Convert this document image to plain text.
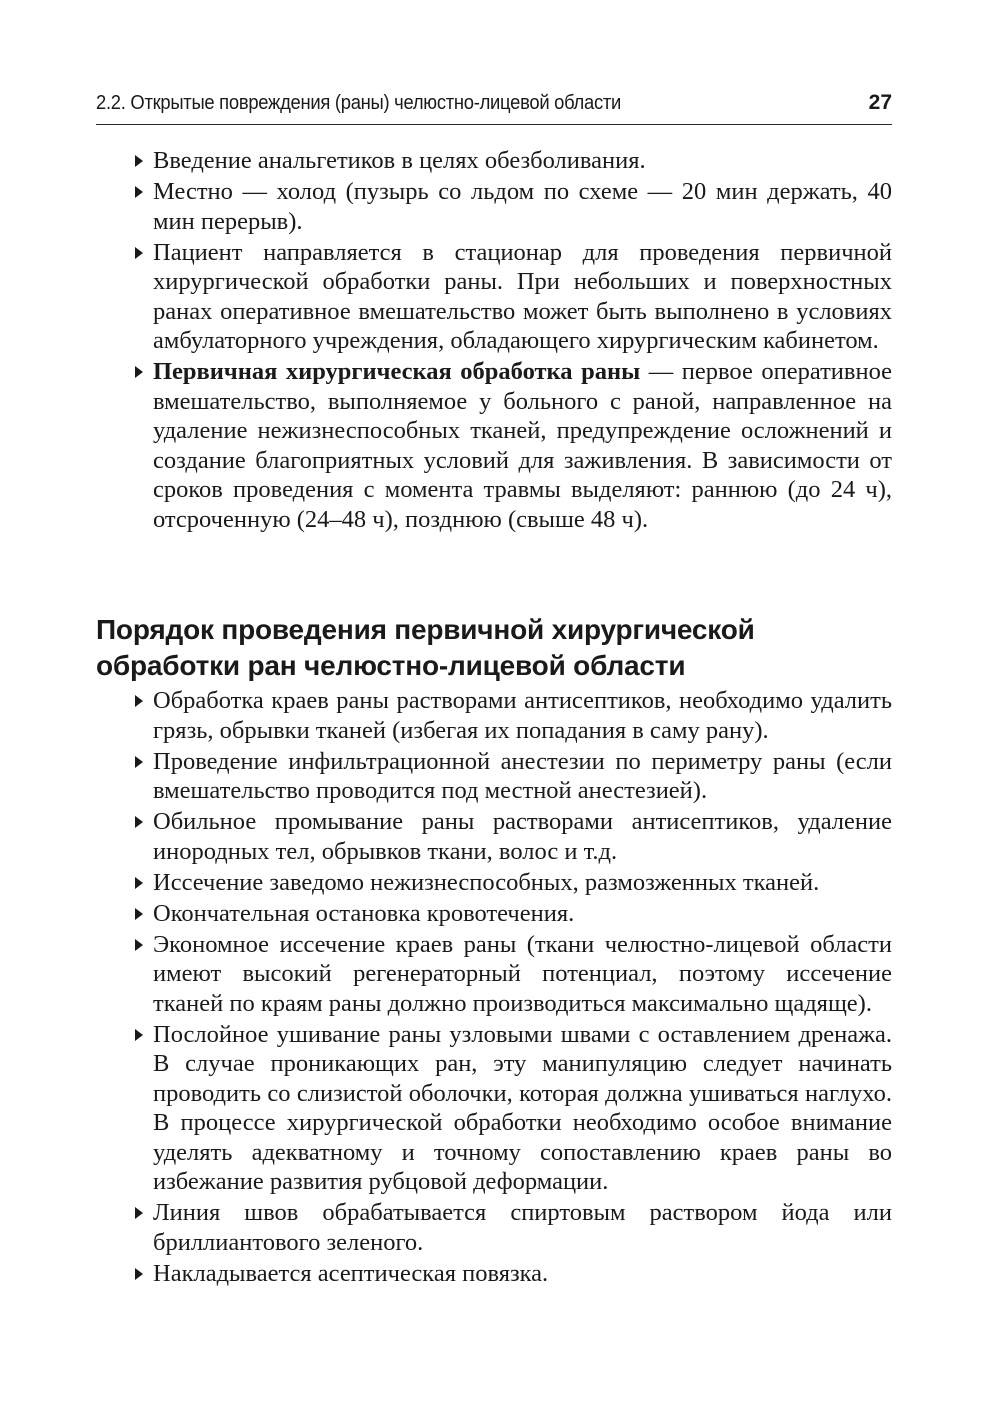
2.2. Открытые повреждения (раны) челюстно-лицевой области	27
Введение анальгетиков в целях обезболивания.
Местно — холод (пузырь со льдом по схеме — 20 мин держать, 40 мин перерыв).
Пациент направляется в стационар для проведения первичной хирургической обработки раны. При небольших и поверхностных ранах оперативное вмешательство может быть выполнено в условиях амбулаторного учреждения, обладающего хирургическим кабинетом.
Первичная хирургическая обработка раны — первое оперативное вмешательство, выполняемое у больного с раной, направленное на удаление нежизнеспособных тканей, предупреждение осложнений и создание благоприятных условий для заживления. В зависимости от сроков проведения с момента травмы выделяют: раннюю (до 24 ч), отсроченную (24–48 ч), позднюю (свыше 48 ч).
Порядок проведения первичной хирургической обработки ран челюстно-лицевой области
Обработка краев раны растворами антисептиков, необходимо удалить грязь, обрывки тканей (избегая их попадания в саму рану).
Проведение инфильтрационной анестезии по периметру раны (если вмешательство проводится под местной анестезией).
Обильное промывание раны растворами антисептиков, удаление инородных тел, обрывков ткани, волос и т.д.
Иссечение заведомо нежизнеспособных, размозженных тканей.
Окончательная остановка кровотечения.
Экономное иссечение краев раны (ткани челюстно-лицевой области имеют высокий регенераторный потенциал, поэтому иссечение тканей по краям раны должно производиться максимально щадяще).
Послойное ушивание раны узловыми швами с оставлением дренажа. В случае проникающих ран, эту манипуляцию следует начинать проводить со слизистой оболочки, которая должна ушиваться наглухо. В процессе хирургической обработки необходимо особое внимание уделять адекватному и точному сопоставлению краев раны во избежание развития рубцовой деформации.
Линия швов обрабатывается спиртовым раствором йода или бриллиантового зеленого.
Накладывается асептическая повязка.
